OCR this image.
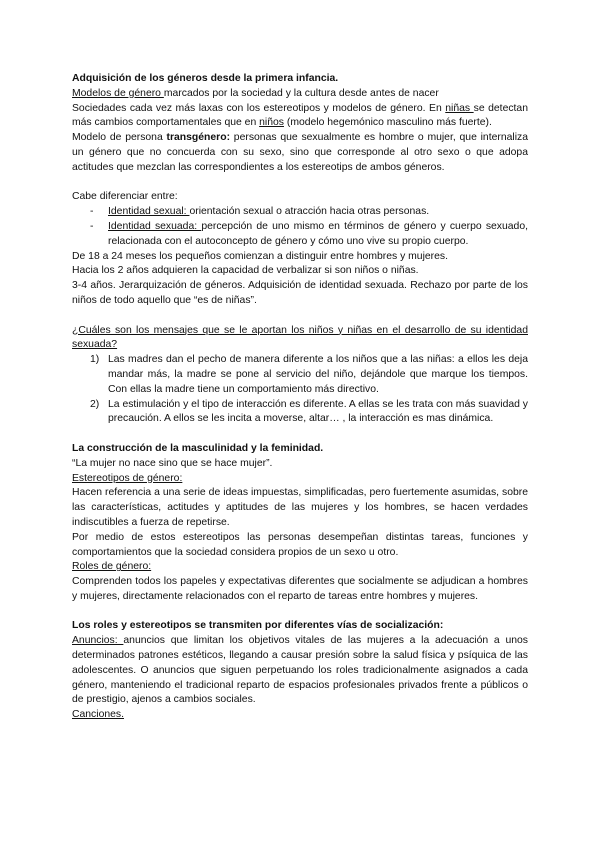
Adquisición de los géneros desde la primera infancia.

Modelos de género marcados por la sociedad y la cultura desde antes de nacer

Sociedades cada vez más laxas con los estereotipos y modelos de género. En niñas se detectan más cambios comportamentales que en niños (modelo hegemónico masculino más fuerte).

Modelo de persona transgénero: personas que sexualmente es hombre o mujer, que internaliza un género que no concuerda con su sexo, sino que corresponde al otro sexo o que adopa actitudes que mezclan las correspondientes a los estereotips de ambos géneros.

Cabe diferenciar entre:

- Identidad sexual: orientación sexual o atracción hacia otras personas.
- Identidad sexuada: percepción de uno mismo en términos de género y cuerpo sexuado, relacionada con el autoconcepto de género y cómo uno vive su propio cuerpo.

De 18 a 24 meses los pequeños comienzan a distinguir entre hombres y mujeres.

Hacia los 2 años adquieren la capacidad de verbalizar si son niños o niñas.

3-4 años. Jerarquización de géneros. Adquisición de identidad sexuada. Rechazo por parte de los niños de todo aquello que “es de niñas”.

¿Cuáles son los mensajes que se le aportan los niños y niñas en el desarrollo de su identidad sexuada?

1) Las madres dan el pecho de manera diferente a los niños que a las niñas: a ellos les deja mandar más, la madre se pone al servicio del niño, dejándole que marque los tiempos. Con ellas la madre tiene un comportamiento más directivo.
2) La estimulación y el tipo de interacción es diferente. A ellas se les trata con más suavidad y precaución. A ellos se les incita a moverse, altar… , la interacción es mas dinámica.

La construcción de la masculinidad y la feminidad.

“La mujer no nace sino que se hace mujer”.

Estereotipos de género:

Hacen referencia a una serie de ideas impuestas, simplificadas, pero fuertemente asumidas, sobre las características, actitudes y aptitudes de las mujeres y los hombres, se hacen verdades indiscutibles a fuerza de repetirse.

Por medio de estos estereotipos las personas desempeñan distintas tareas, funciones y comportamientos que la sociedad considera propios de un sexo u otro.

Roles de género:

Comprenden todos los papeles y expectativas diferentes que socialmente se adjudican a hombres y mujeres, directamente relacionados con el reparto de tareas entre hombres y mujeres.

Los roles y estereotipos se transmiten por diferentes vías de socialización:

Anuncios: anuncios que limitan los objetivos vitales de las mujeres a la adecuación a unos determinados patrones estéticos, llegando a causar presión sobre la salud física y psíquica de las adolescentes. O anuncios que siguen perpetuando los roles tradicionalmente asignados a cada género, manteniendo el tradicional reparto de espacios profesionales privados frente a públicos o de prestigio, ajenos a cambios sociales.

Canciones.
